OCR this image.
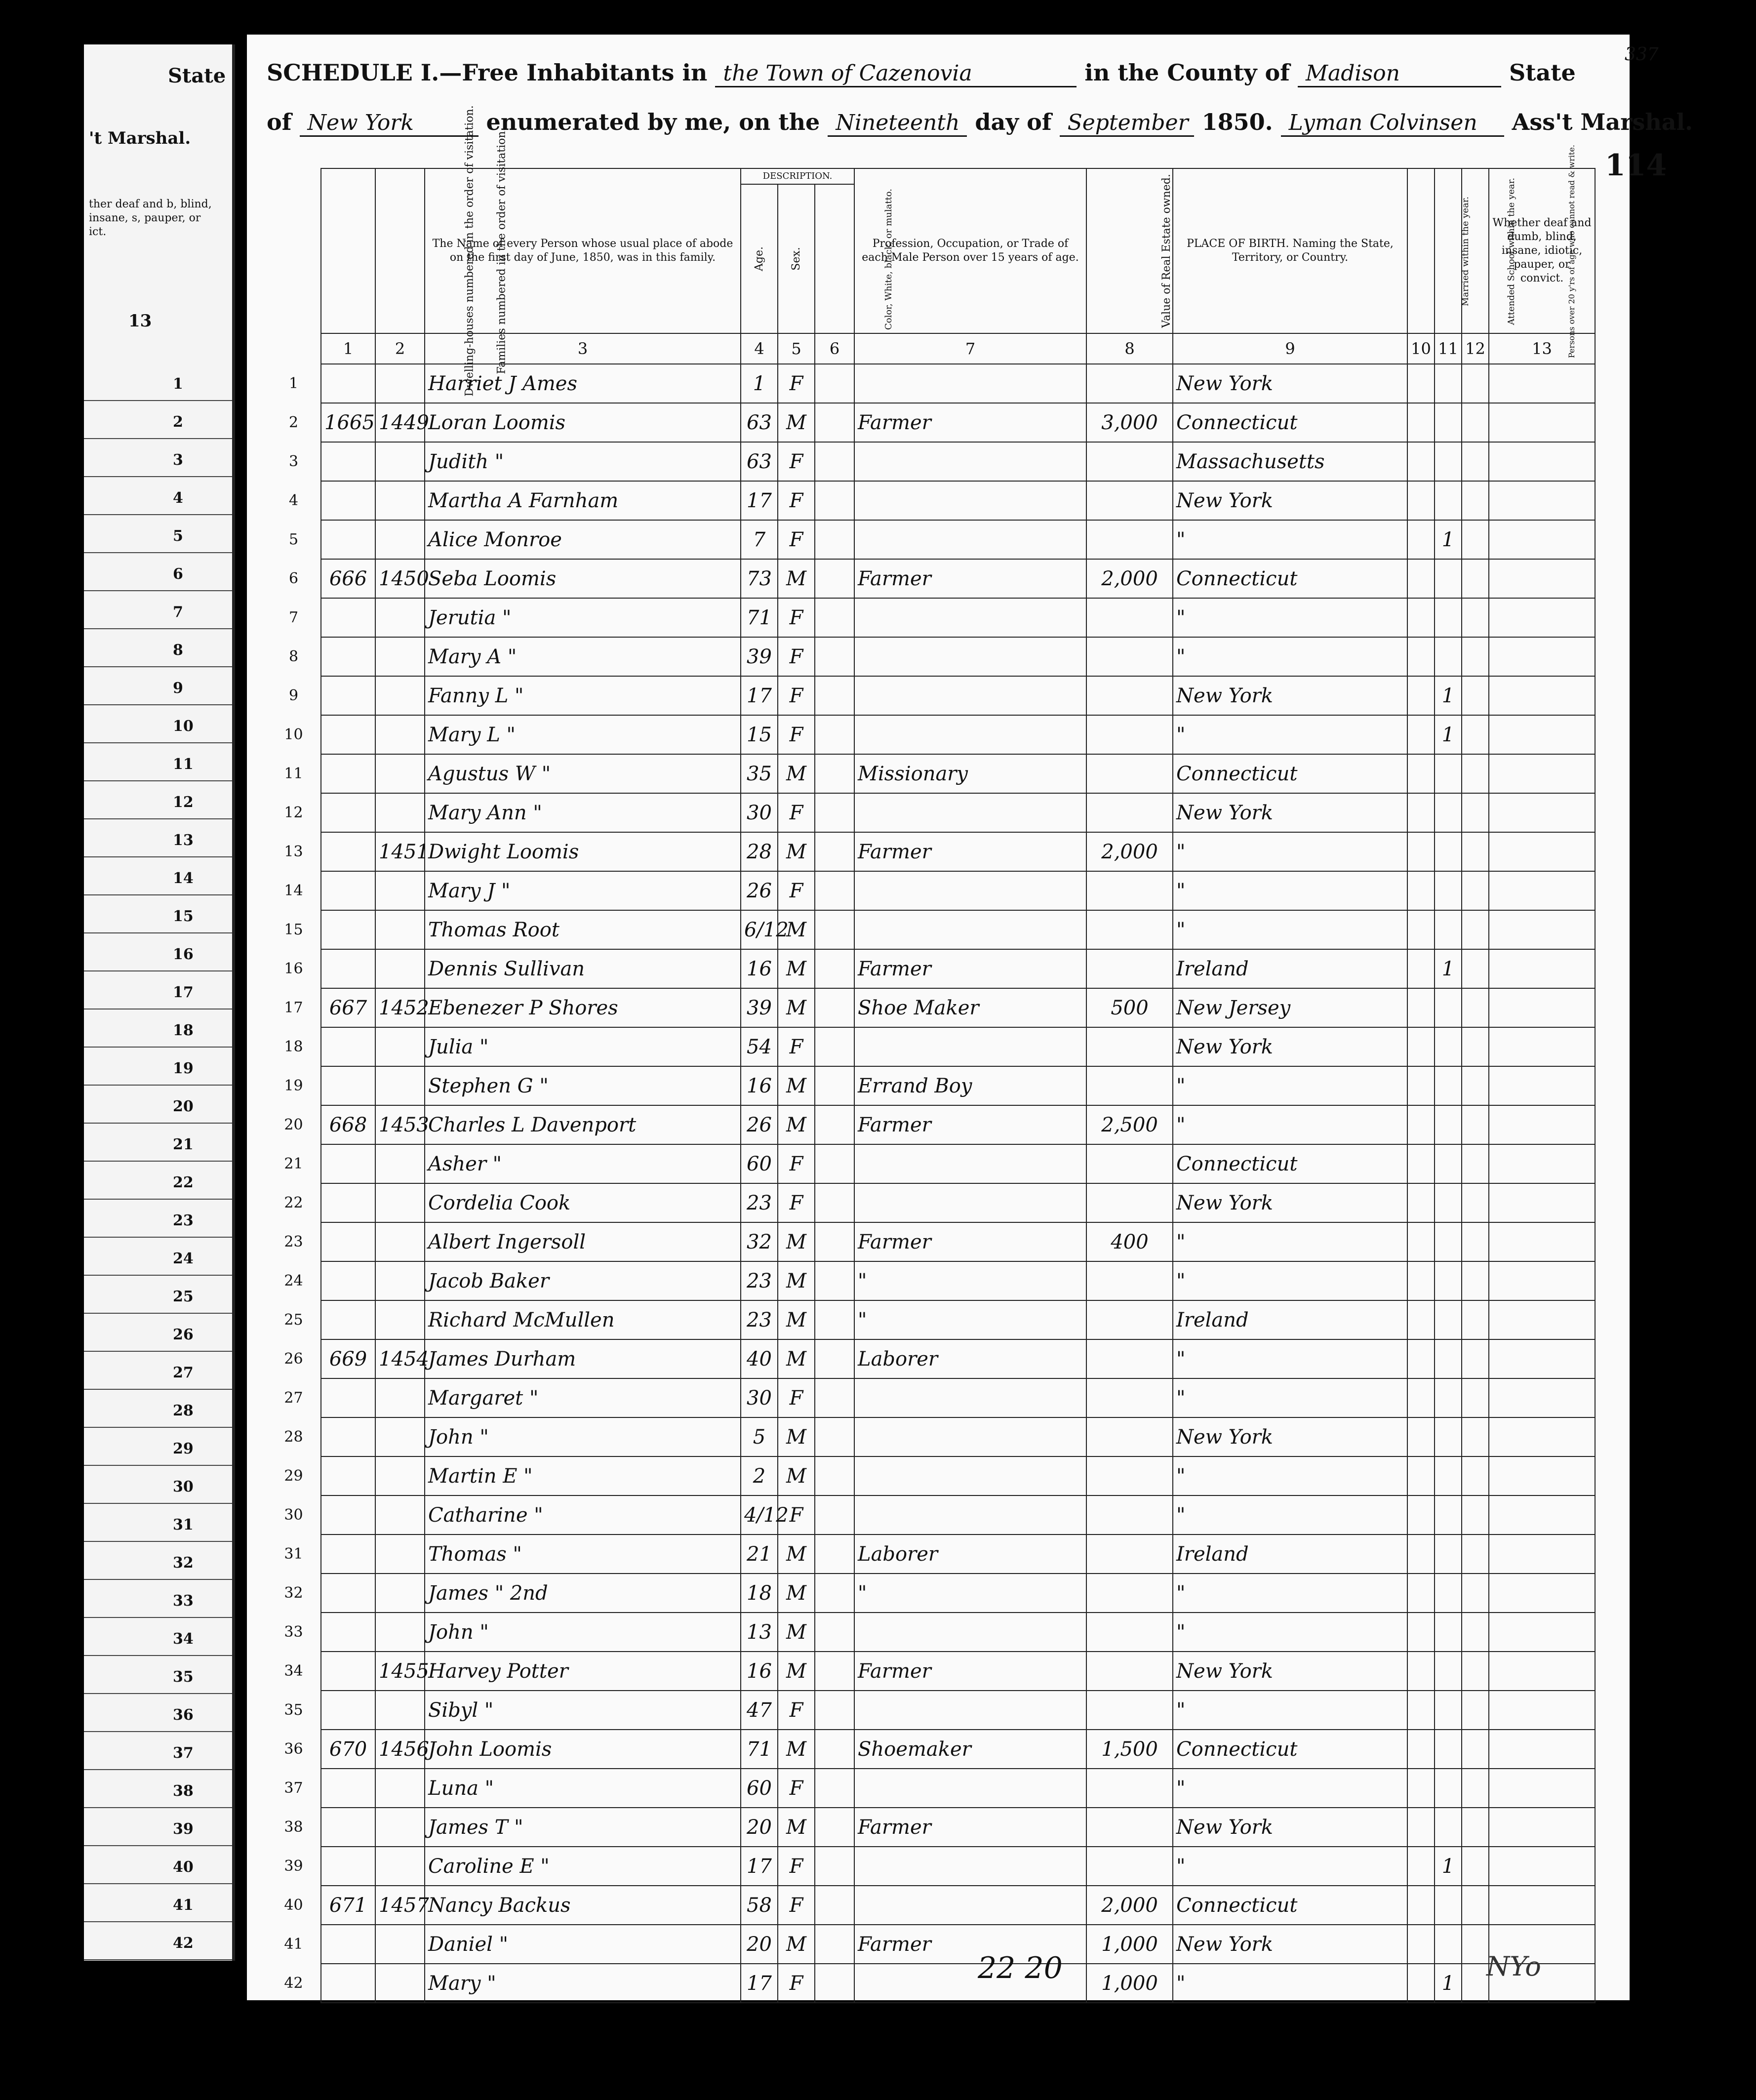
State
't Marshal.
ther deaf and b, blind, insane, s, pauper, or ict.
13
1
2
3
4
5
6
7
8
9
10
11
12
13
14
15
16
17
18
19
20
21
22
23
24
25
26
27
28
29
30
31
32
33
34
35
36
37
38
39
40
41
42
337
SCHEDULE I.—Free Inhabitants in the Town of Cazenovia	in the County of Madison	State
of New York	enumerated by me, on the Nineteenth day of September 1850. Lyman Colvinsen Ass't Marshal.
114
	Dwelling-houses numbered in the order of visitation.	Families numbered in the order of visitation.	The Name of every Person whose usual place of abode on the first day of June, 1850, was in this family.	DESCRIPTION.			Profession, Occupation, or Trade of each Male Person over 15 years of age.	Value of Real Estate owned.	PLACE OF BIRTH. Naming the State, Territory, or Country.	Married within the year.	Attended School within the year.	Persons over 20 y'rs of age who cannot read & write.	Whether deaf and dumb, blind, insane, idiotic, pauper, or convict.
				Age.	Sex.	Color, White, black, or mulatto.							
	1	2	3	4	5	6	7	8	9	10	11	12	13
1			Harriet J Ames	1	F				New York				
2	1665	1449	Loran Loomis	63	M		Farmer	3,000	Connecticut				
3			Judith "	63	F				Massachusetts				
4			Martha A Farnham	17	F				New York				
5			Alice Monroe	7	F				"		1		
6	666	1450	Seba Loomis	73	M		Farmer	2,000	Connecticut				
7			Jerutia "	71	F				"				
8			Mary A "	39	F				"				
9			Fanny L "	17	F				New York		1		
10			Mary L "	15	F				"		1		
11			Agustus W "	35	M		Missionary		Connecticut				
12			Mary Ann "	30	F				New York				
13		1451	Dwight Loomis	28	M		Farmer	2,000	"				
14			Mary J "	26	F				"				
15			Thomas Root	6/12	M				"				
16			Dennis Sullivan	16	M		Farmer		Ireland		1		
17	667	1452	Ebenezer P Shores	39	M		Shoe Maker	500	New Jersey				
18			Julia "	54	F				New York				
19			Stephen G "	16	M		Errand Boy		"				
20	668	1453	Charles L Davenport	26	M		Farmer	2,500	"				
21			Asher "	60	F				Connecticut				
22			Cordelia Cook	23	F				New York				
23			Albert Ingersoll	32	M		Farmer	400	"				
24			Jacob Baker	23	M		"		"				
25			Richard McMullen	23	M		"		Ireland				
26	669	1454	James Durham	40	M		Laborer		"				
27			Margaret "	30	F				"				
28			John "	5	M				New York				
29			Martin E "	2	M				"				
30			Catharine "	4/12	F				"				
31			Thomas "	21	M		Laborer		Ireland				
32			James " 2nd	18	M		"		"				
33			John "	13	M				"				
34		1455	Harvey Potter	16	M		Farmer		New York				
35			Sibyl "	47	F				"				
36	670	1456	John Loomis	71	M		Shoemaker	1,500	Connecticut				
37			Luna "	60	F				"				
38			James T "	20	M		Farmer		New York				
39			Caroline E "	17	F				"		1		
40	671	1457	Nancy Backus	58	F			2,000	Connecticut				
41			Daniel "	20	M		Farmer	1,000	New York				
42			Mary "	17	F			1,000	"		1		
22 20	NYo
